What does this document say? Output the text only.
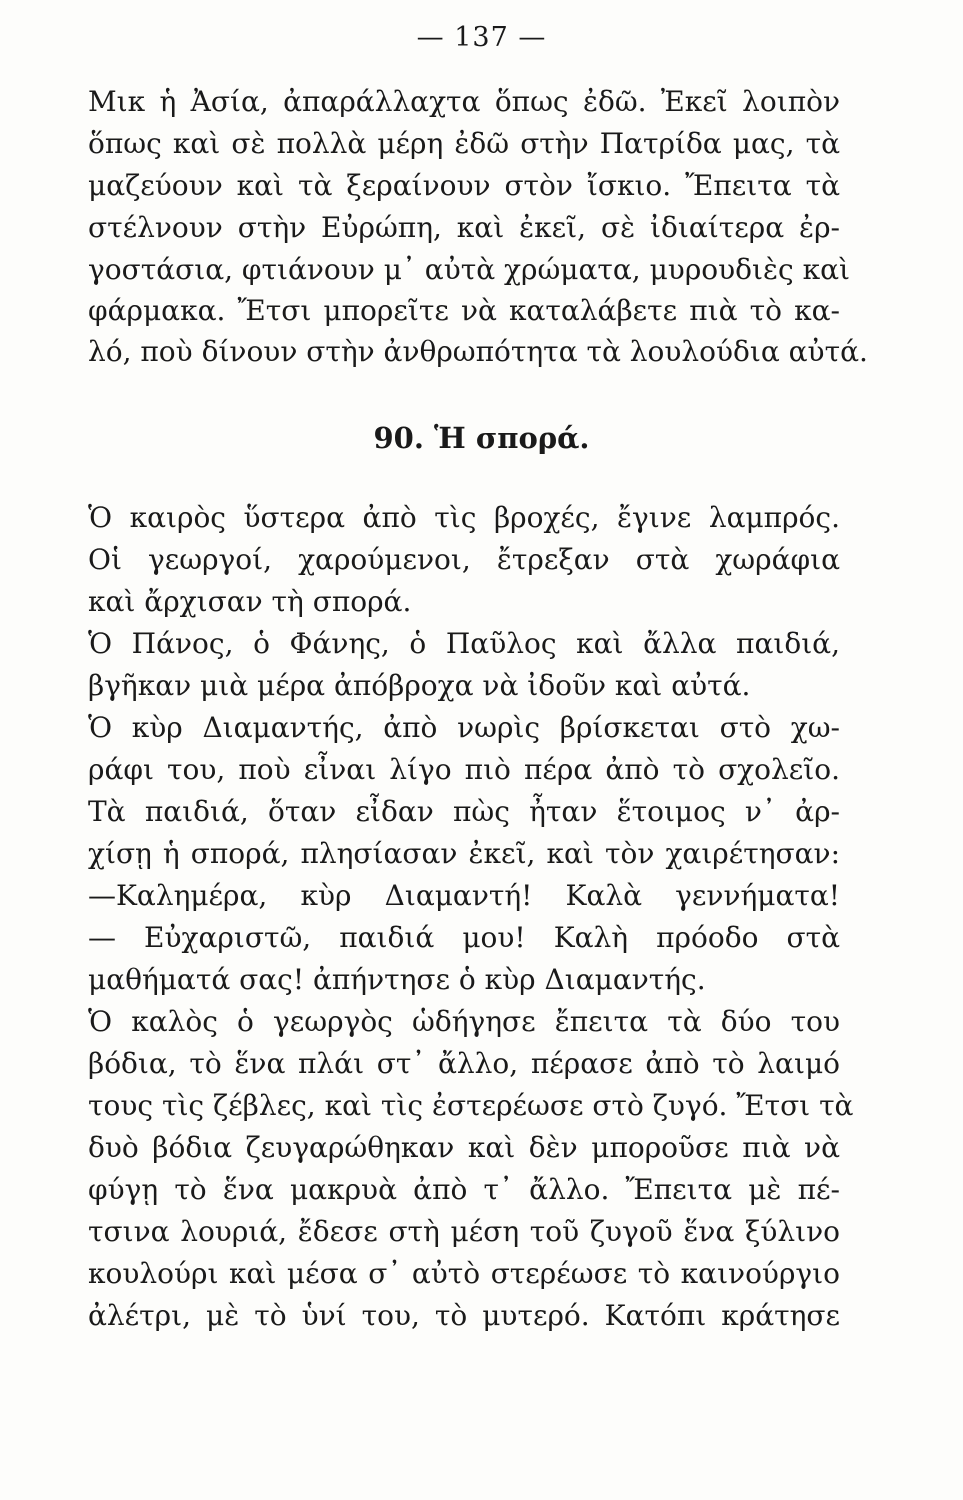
— 137 —
Μικ ἡ Ἀσία, ἀπαράλλαχτα ὅπως ἐδῶ. Ἐκεῖ λοιπὸν
ὅπως καὶ σὲ πολλὰ μέρη ἐδῶ στὴν Πατρίδα μας, τὰ
μαζεύουν καὶ τὰ ξεραίνουν στὸν ἴσκιο. Ἔπειτα τὰ
στέλνουν στὴν Εὐρώπη, καὶ ἐκεῖ, σὲ ἰδιαίτερα ἐρ-
γοστάσια, φτιάνουν μ᾿ αὐτὰ χρώματα, μυρουδιὲς καὶ
φάρμακα. Ἔτσι μπορεῖτε νὰ καταλάβετε πιὰ τὸ κα-
λό, ποὺ δίνουν στὴν ἀνθρωπότητα τὰ λουλούδια αὐτά.
90. Ἡ σπορά.
Ὁ καιρὸς ὕστερα ἀπὸ τὶς βροχές, ἔγινε λαμπρός.
Οἱ γεωργοί, χαρούμενοι, ἔτρεξαν στὰ χωράφια
καὶ ἄρχισαν τὴ σπορά.
Ὁ Πάνος, ὁ Φάνης, ὁ Παῦλος καὶ ἄλλα παιδιά,
βγῆκαν μιὰ μέρα ἀπόβροχα νὰ ἰδοῦν καὶ αὐτά.
Ὁ κὺρ Διαμαντής, ἀπὸ νωρὶς βρίσκεται στὸ χω-
ράφι του, ποὺ εἶναι λίγο πιὸ πέρα ἀπὸ τὸ σχολεῖο.
Τὰ παιδιά, ὅταν εἶδαν πὼς ἦταν ἕτοιμος ν᾿ ἀρ-
χίσῃ ἡ σπορά, πλησίασαν ἐκεῖ, καὶ τὸν χαιρέτησαν:
—Καλημέρα, κὺρ Διαμαντή! Καλὰ γεννήματα!
— Εὐχαριστῶ, παιδιά μου! Καλὴ πρόοδο στὰ
μαθήματά σας! ἀπήντησε ὁ κὺρ Διαμαντής.
Ὁ καλὸς ὁ γεωργὸς ὡδήγησε ἔπειτα τὰ δύο του
βόδια, τὸ ἕνα πλάι στ᾿ ἄλλο, πέρασε ἀπὸ τὸ λαιμό
τους τὶς ζέβλες, καὶ τὶς ἐστερέωσε στὸ ζυγό. Ἔτσι τὰ
δυὸ βόδια ζευγαρώθηκαν καὶ δὲν μποροῦσε πιὰ νὰ
φύγῃ τὸ ἕνα μακρυὰ ἀπὸ τ᾿ ἄλλο. Ἔπειτα μὲ πέ-
τσινα λουριά, ἔδεσε στὴ μέση τοῦ ζυγοῦ ἕνα ξύλινο
κουλούρι καὶ μέσα σ᾿ αὐτὸ στερέωσε τὸ καινούργιο
ἀλέτρι, μὲ τὸ ὑνί του, τὸ μυτερό. Κατόπι κράτησε
